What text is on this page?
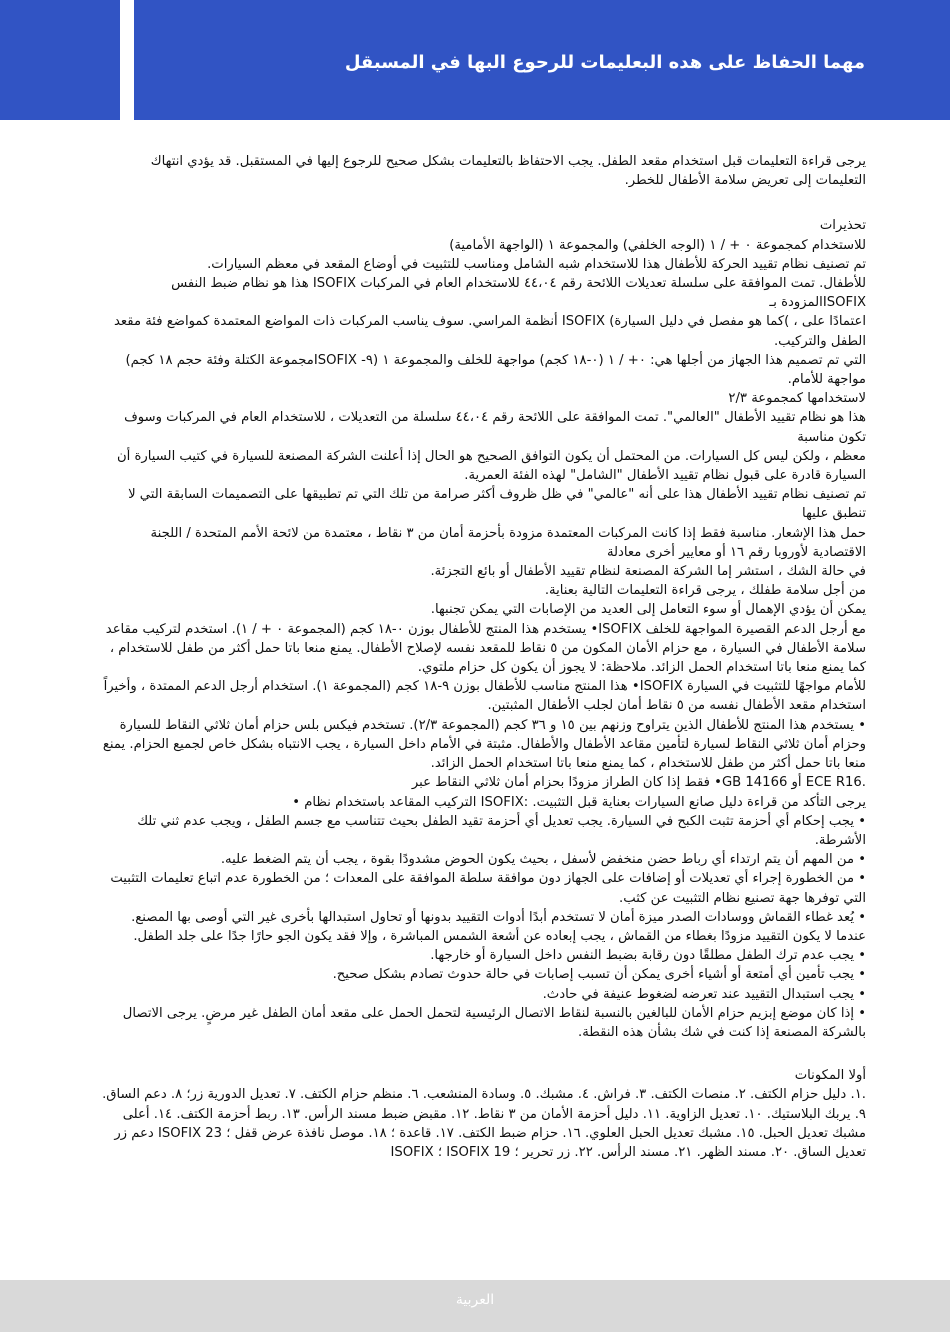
مهما الحفاظ على هده البعليمات للرحوع البها في المسبقل

يرجى قراءة التعليمات قبل استخدام مقعد الطفل. يجب الاحتفاظ بالتعليمات بشكل صحيح للرجوع إليها في المستقبل. قد يؤدي انتهاك التعليمات إلى تعريض سلامة الأطفال للخطر.

تحذيرات

للاستخدام كمجموعة ٠ + / ١ (الوجه الخلفي) والمجموعة ١ (الواجهة الأمامية)

تم تصنيف نظام تقييد الحركة للأطفال هذا للاستخدام شبه الشامل ومناسب للتثبيت في أوضاع المقعد في معظم السيارات.

للأطفال. تمت الموافقة على سلسلة تعديلات اللائحة رقم ٤٤،٠٤ للاستخدام العام في المركبات ISOFIX هذا هو نظام ضبط النفس

ISOFIXالمزودة بـ

اعتمادًا على ، )كما هو مفصل في دليل السيارة) ISOFIX أنظمة المراسي. سوف يناسب المركبات ذات المواضع المعتمدة كمواضع فئة مقعد الطفل والتركيب.

التي تم تصميم هذا الجهاز من أجلها هي: ٠+ / ١ (٠-١٨ كجم) مواجهة للخلف والمجموعة ١ (٩- ISOFIXمجموعة الكتلة وفئة حجم ١٨ كجم) مواجهة للأمام.

لاستخدامها كمجموعة ٢/٣

هذا هو نظام تقييد الأطفال "العالمي". تمت الموافقة على اللائحة رقم ٤٤،٠٤ سلسلة من التعديلات ، للاستخدام العام في المركبات وسوف تكون مناسبة

معظم ، ولكن ليس كل السيارات. من المحتمل أن يكون التوافق الصحيح هو الحال إذا أعلنت الشركة المصنعة للسيارة في كتيب السيارة أن السيارة قادرة على قبول نظام تقييد الأطفال "الشامل" لهذه الفئة العمرية.

تم تصنيف نظام تقييد الأطفال هذا على أنه "عالمي" في ظل ظروف أكثر صرامة من تلك التي تم تطبيقها على التصميمات السابقة التي لا تنطبق عليها

حمل هذا الإشعار. مناسبة فقط إذا كانت المركبات المعتمدة مزودة بأحزمة أمان من ٣ نقاط ، معتمدة من لائحة الأمم المتحدة / اللجنة الاقتصادية لأوروبا رقم ١٦ أو معايير أخرى معادلة

في حالة الشك ، استشر إما الشركة المصنعة لنظام تقييد الأطفال أو بائع التجزئة.

من أجل سلامة طفلك ، يرجى قراءة التعليمات التالية بعناية.

يمكن أن يؤدي الإهمال أو سوء التعامل إلى العديد من الإصابات التي يمكن تجنبها.

مع أرجل الدعم القصيرة المواجهة للخلف ISOFIX• يستخدم هذا المنتج للأطفال بوزن ٠-١٨ كجم (المجموعة ٠ + / ١). استخدم لتركيب مقاعد سلامة الأطفال في السيارة ، مع حزام الأمان المكون من ٥ نقاط للمقعد نفسه لإصلاح الأطفال. يمنع منعا باتا حمل أكثر من طفل للاستخدام ، كما يمنع منعا باتا استخدام الحمل الزائد. ملاحظة: لا يجوز أن يكون كل حزام ملتوي.

للأمام مواجهًا للتثبيت في السيارة ISOFIX• هذا المنتج مناسب للأطفال بوزن ٩-١٨ كجم (المجموعة ١). استخدام أرجل الدعم الممتدة ، وأخيراً استخدام مقعد الأطفال نفسه من ٥ نقاط أمان لجلب الأطفال المثبتين.

• يستخدم هذا المنتج للأطفال الذين يتراوح وزنهم بين ١٥ و ٣٦ كجم (المجموعة ٢/٣). تستخدم فيكس بلس حزام أمان ثلاثي النقاط للسيارة وحزام أمان ثلاثي النقاط لسيارة لتأمين مقاعد الأطفال والأطفال. مثبتة في الأمام داخل السيارة ، يجب الانتباه بشكل خاص لجميع الحزام. يمنع منعا باتا حمل أكثر من طفل للاستخدام ، كما يمنع منعا باتا استخدام الحمل الزائد.

.ECE R16 أو GB 14166• فقط إذا كان الطراز مزودًا بحزام أمان ثلاثي النقاط عبر

يرجى التأكد من قراءة دليل صانع السيارات بعناية قبل التثبيت. :ISOFIX التركيب المقاعد باستخدام نظام •

• يجب إحكام أي أحزمة تثبت الكبح في السيارة. يجب تعديل أي أحزمة تقيد الطفل بحيث تتناسب مع جسم الطفل ، ويجب عدم ثني تلك الأشرطة.

• من المهم أن يتم ارتداء أي رباط حضن منخفض لأسفل ، بحيث يكون الحوض مشدودًا بقوة ، يجب أن يتم الضغط عليه.

• من الخطورة إجراء أي تعديلات أو إضافات على الجهاز دون موافقة سلطة الموافقة على المعدات ؛ من الخطورة عدم اتباع تعليمات التثبيت التي توفرها جهة تصنيع نظام التثبيت عن كثب.

• يُعد غطاء القماش ووسادات الصدر ميزة أمان لا تستخدم أبدًا أدوات التقييد بدونها أو تحاول استبدالها بأخرى غير التي أوصى بها المصنع. عندما لا يكون التقييد مزودًا بغطاء من القماش ، يجب إبعاده عن أشعة الشمس المباشرة ، وإلا فقد يكون الجو حارًا جدًا على جلد الطفل.

• يجب عدم ترك الطفل مطلقًا دون رقابة بضبط النفس داخل السيارة أو خارجها.

• يجب تأمين أي أمتعة أو أشياء أخرى يمكن أن تسبب إصابات في حالة حدوث تصادم بشكل صحيح.

• يجب استبدال التقييد عند تعرضه لضغوط عنيفة في حادث.

• إذا كان موضع إبزيم حزام الأمان للبالغين بالنسبة لنقاط الاتصال الرئيسية لتحمل الحمل على مقعد أمان الطفل غير مرضٍ. يرجى الاتصال بالشركة المصنعة إذا كنت في شك بشأن هذه النقطة.

أولا المكونات

.١. دليل حزام الكتف. ٢. منصات الكتف. ٣. فراش. ٤. مشبك. ٥. وسادة المنشعب. ٦. منظم حزام الكتف. ٧. تعديل الدورية زر؛ ٨. دعم الساق. ٩. يربك البلاستيك. ١٠. تعديل الزاوية. ١١. دليل أحزمة الأمان من ٣ نقاط. ١٢. مقبض ضبط مسند الرأس. ١٣. ربط أحزمة الكتف. ١٤. أعلى مشبك تعديل الحبل. ١٥. مشبك تعديل الحبل العلوي. ١٦. حزام ضبط الكتف. ١٧. قاعدة ؛ ١٨. موصل نافذة عرض قفل ؛ ISOFIX 23 دعم زر تعديل الساق. ٢٠. مسند الظهر. ٢١. مسند الرأس. ٢٢. زر تحرير ؛ ISOFIX 19 ؛ ISOFIX

العربية
